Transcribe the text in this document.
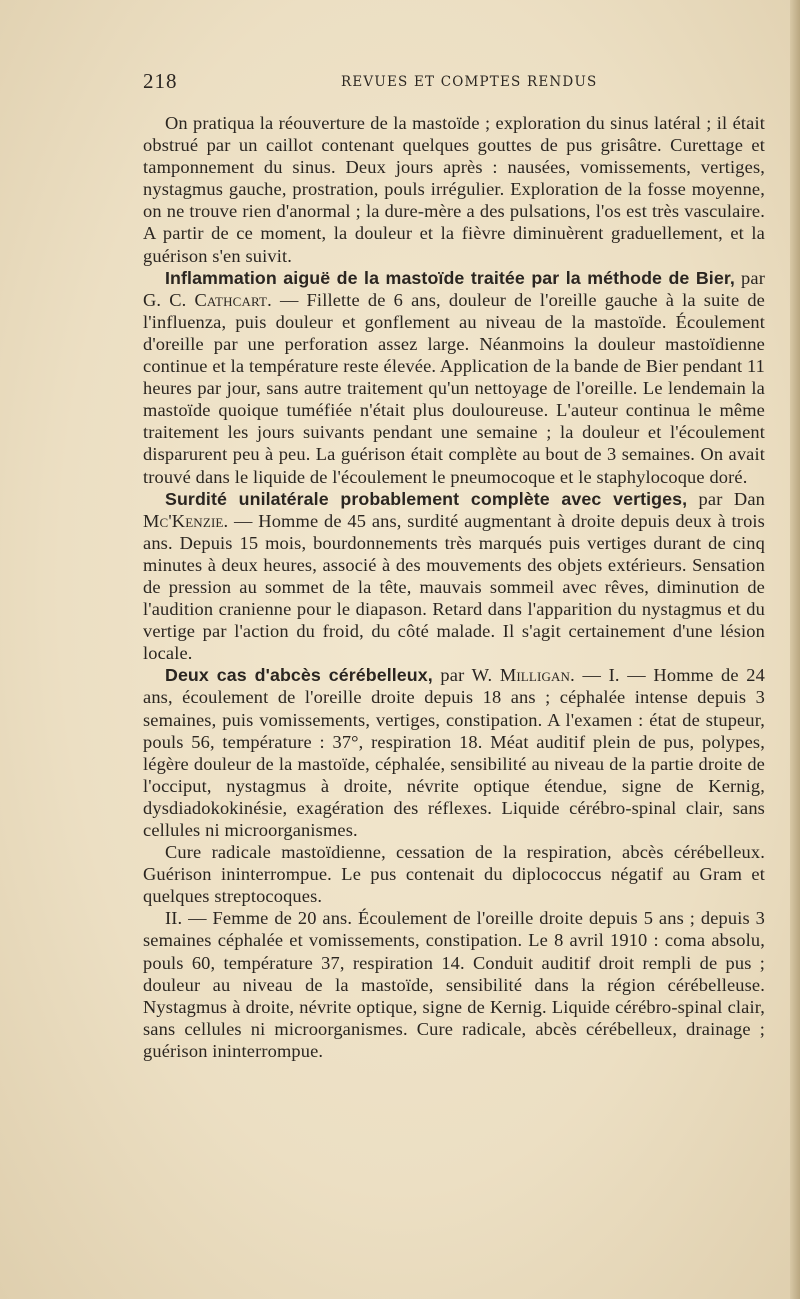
218	REVUES ET COMPTES RENDUS

On pratiqua la réouverture de la mastoïde ; exploration du sinus latéral ; il était obstrué par un caillot contenant quelques gouttes de pus grisâtre. Curettage et tamponnement du sinus. Deux jours après : nausées, vomissements, vertiges, nystagmus gauche, prostration, pouls irrégulier. Exploration de la fosse moyenne, on ne trouve rien d'anormal ; la dure-mère a des pulsations, l'os est très vasculaire. A partir de ce moment, la douleur et la fièvre diminuèrent graduellement, et la guérison s'en suivit.

Inflammation aiguë de la mastoïde traitée par la méthode de Bier, par G. C. Cathcart. — Fillette de 6 ans, douleur de l'oreille gauche à la suite de l'influenza, puis douleur et gonflement au niveau de la mastoïde. Écoulement d'oreille par une perforation assez large. Néanmoins la douleur mastoïdienne continue et la température reste élevée. Application de la bande de Bier pendant 11 heures par jour, sans autre traitement qu'un nettoyage de l'oreille. Le lendemain la mastoïde quoique tuméfiée n'était plus douloureuse. L'auteur continua le même traitement les jours suivants pendant une semaine ; la douleur et l'écoulement disparurent peu à peu. La guérison était complète au bout de 3 semaines. On avait trouvé dans le liquide de l'écoulement le pneumocoque et le staphylocoque doré.

Surdité unilatérale probablement complète avec vertiges, par Dan Mc'Kenzie. — Homme de 45 ans, surdité augmentant à droite depuis deux à trois ans. Depuis 15 mois, bourdonnements très marqués puis vertiges durant de cinq minutes à deux heures, associé à des mouvements des objets extérieurs. Sensation de pression au sommet de la tête, mauvais sommeil avec rêves, diminution de l'audition cranienne pour le diapason. Retard dans l'apparition du nystagmus et du vertige par l'action du froid, du côté malade. Il s'agit certainement d'une lésion locale.

Deux cas d'abcès cérébelleux, par W. Milligan. — I. — Homme de 24 ans, écoulement de l'oreille droite depuis 18 ans ; céphalée intense depuis 3 semaines, puis vomissements, vertiges, constipation. A l'examen : état de stupeur, pouls 56, température : 37°, respiration 18. Méat auditif plein de pus, polypes, légère douleur de la mastoïde, céphalée, sensibilité au niveau de la partie droite de l'occiput, nystagmus à droite, névrite optique étendue, signe de Kernig, dysdiadokokinésie, exagération des réflexes. Liquide cérébro-spinal clair, sans cellules ni microorganismes.

Cure radicale mastoïdienne, cessation de la respiration, abcès cérébelleux. Guérison ininterrompue. Le pus contenait du diplococcus négatif au Gram et quelques streptocoques.

II. — Femme de 20 ans. Écoulement de l'oreille droite depuis 5 ans ; depuis 3 semaines céphalée et vomissements, constipation. Le 8 avril 1910 : coma absolu, pouls 60, température 37, respiration 14. Conduit auditif droit rempli de pus ; douleur au niveau de la mastoïde, sensibilité dans la région cérébelleuse. Nystagmus à droite, névrite optique, signe de Kernig. Liquide cérébro-spinal clair, sans cellules ni microorganismes. Cure radicale, abcès cérébelleux, drainage ; guérison ininterrompue.
